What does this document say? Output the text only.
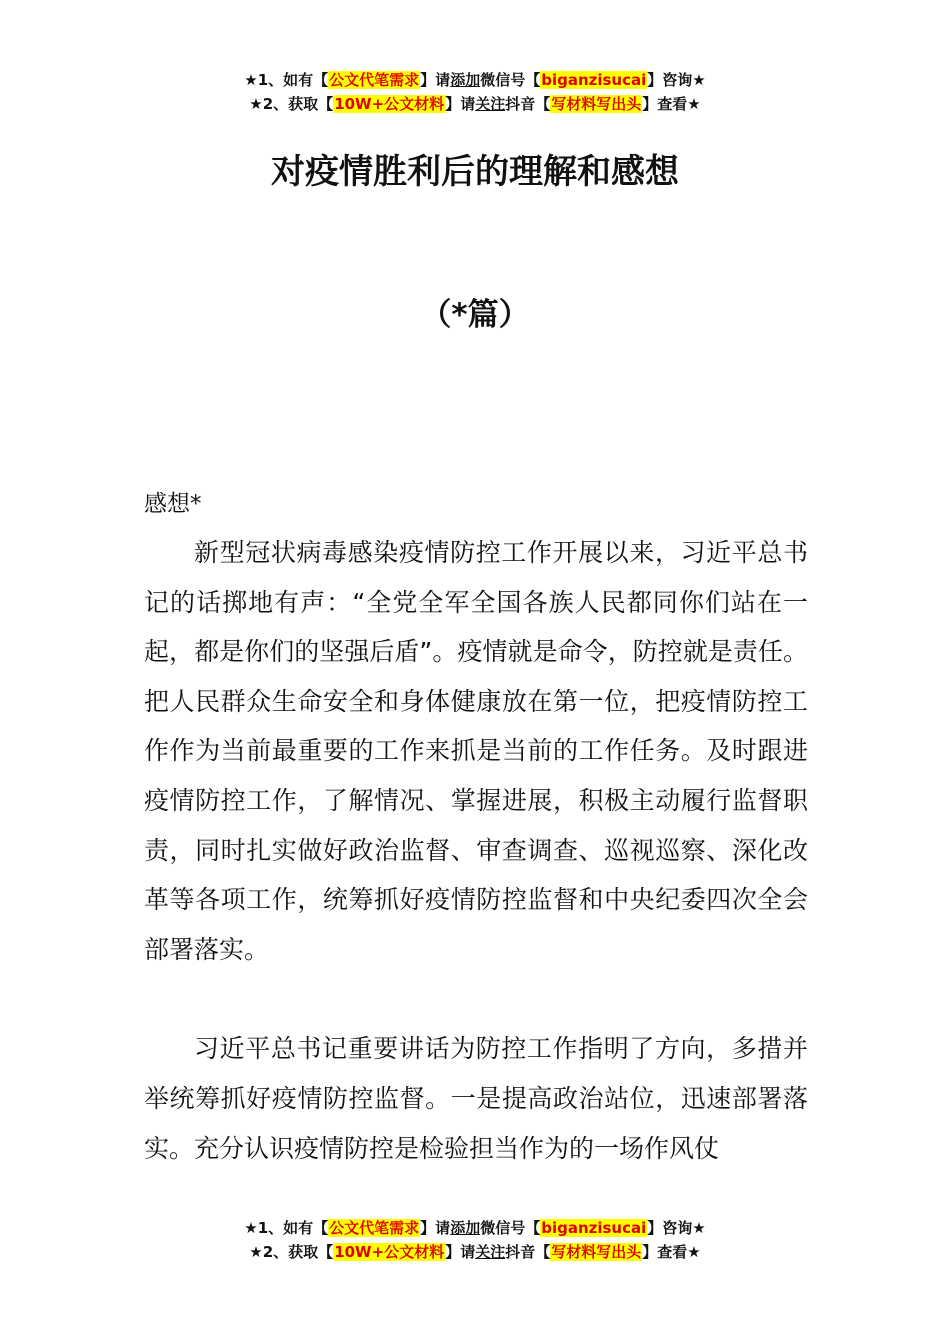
★1、如有【公文代笔需求】请添加微信号【biganzisucai】咨询★
★2、获取【10W+公文材料】请关注抖音【写材料写出头】查看★
对疫情胜利后的理解和感想
（*篇）

感想*

新型冠状病毒感染疫情防控工作开展以来，习近平总书记的话掷地有声：“全党全军全国各族人民都同你们站在一起，都是你们的坚强后盾”。疫情就是命令，防控就是责任。把人民群众生命安全和身体健康放在第一位，把疫情防控工作作为当前最重要的工作来抓是当前的工作任务。及时跟进疫情防控工作，了解情况、掌握进展，积极主动履行监督职责，同时扎实做好政治监督、审查调查、巡视巡察、深化改革等各项工作，统筹抓好疫情防控监督和中央纪委四次全会部署落实。

习近平总书记重要讲话为防控工作指明了方向，多措并举统筹抓好疫情防控监督。一是提高政治站位，迅速部署落实。充分认识疫情防控是检验担当作为的一场作风仗

★1、如有【公文代笔需求】请添加微信号【biganzisucai】咨询★
★2、获取【10W+公文材料】请关注抖音【写材料写出头】查看★
